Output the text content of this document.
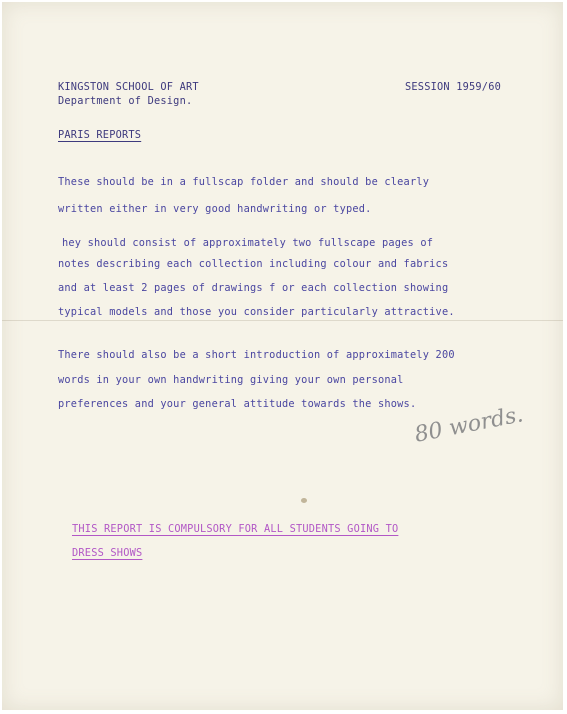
KINGSTON SCHOOL OF ART

Department of Design.

SESSION 1959/60

PARIS REPORTS

These should be in a fullscap folder and should be clearly

written either in very good handwriting or typed.

hey should consist of approximately two fullscape pages of

notes describing each collection including colour and fabrics

and at least 2 pages of drawings f or each collection showing

typical models and those you consider particularly attractive.

There should also be a short introduction of approximately 200

words in your own handwriting giving your own personal

preferences and your general attitude towards the shows.

80 words.

THIS REPORT IS COMPULSORY FOR ALL STUDENTS GOING TO

DRESS SHOWS
